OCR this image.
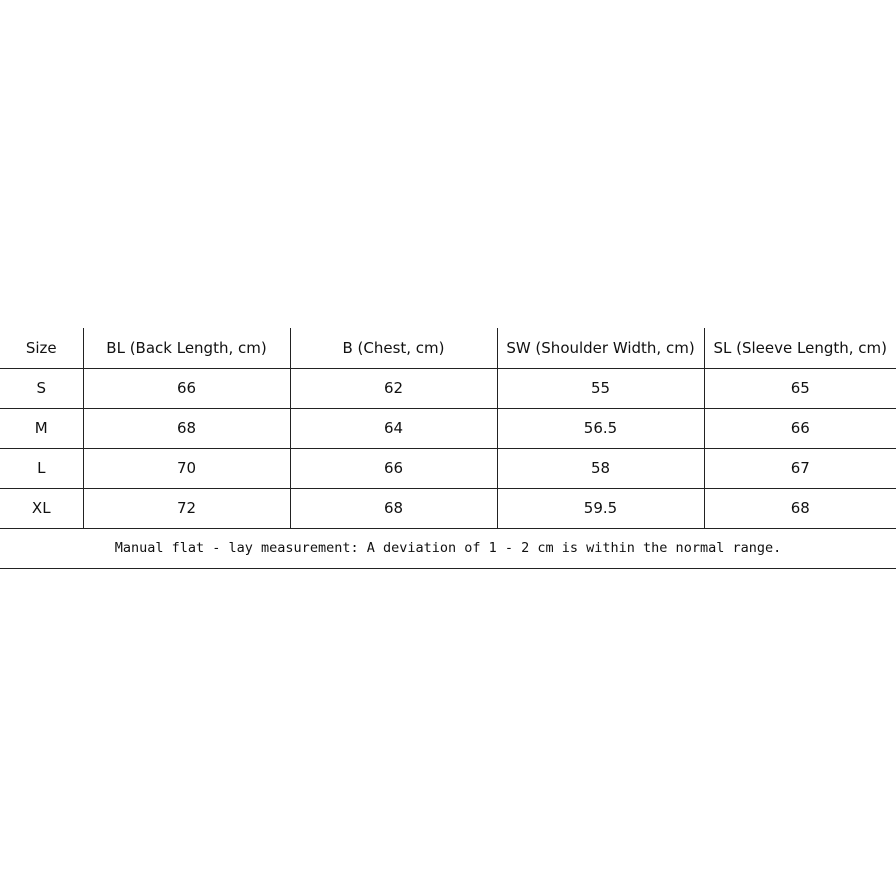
Size	BL (Back Length, cm)	B (Chest, cm)	SW (Shoulder Width, cm)	SL (Sleeve Length, cm)
S	66	62	55	65
M	68	64	56.5	66
L	70	66	58	67
XL	72	68	59.5	68
Manual flat - lay measurement: A deviation of 1 - 2 cm is within the normal range.				
